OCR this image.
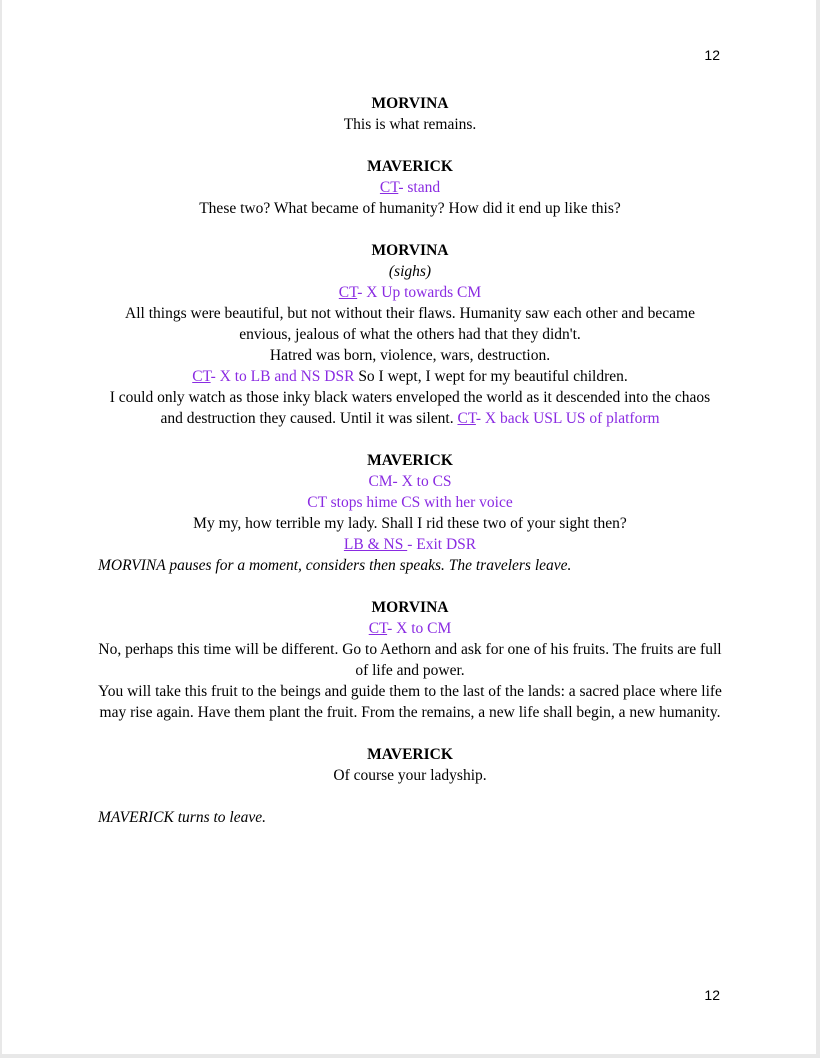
12
MORVINA
This is what remains.
MAVERICK
CT- stand
These two? What became of humanity? How did it end up like this?
MORVINA
(sighs)
CT- X Up towards CM
All things were beautiful, but not without their flaws. Humanity saw each other and became envious, jealous of what the others had that they didn't.
Hatred was born, violence, wars, destruction.
CT- X to LB and NS DSR So I wept, I wept for my beautiful children.
I could only watch as those inky black waters enveloped the world as it descended into the chaos and destruction they caused. Until it was silent. CT- X back USL US of platform
MAVERICK
CM- X to CS
CT stops hime CS with her voice
My my, how terrible my lady. Shall I rid these two of your sight then?
LB & NS - Exit DSR
MORVINA pauses for a moment, considers then speaks. The travelers leave.
MORVINA
CT- X to CM
No, perhaps this time will be different. Go to Aethorn and ask for one of his fruits. The fruits are full of life and power.
You will take this fruit to the beings and guide them to the last of the lands: a sacred place where life may rise again. Have them plant the fruit. From the remains, a new life shall begin, a new humanity.
MAVERICK
Of course your ladyship.
MAVERICK turns to leave.
12
